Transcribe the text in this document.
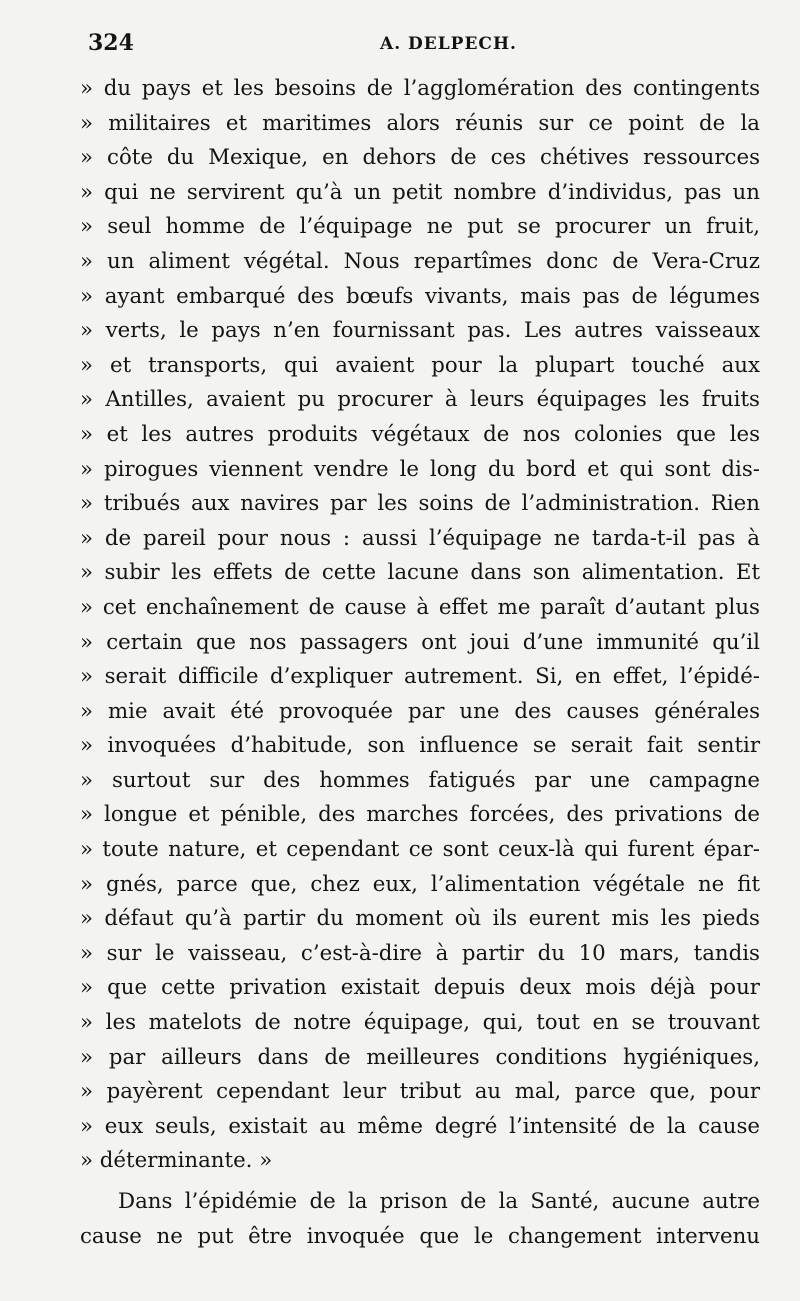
324	A. DELPECH.
» du pays et les besoins de l’agglomération des contingents
» militaires et maritimes alors réunis sur ce point de la
» côte du Mexique, en dehors de ces chétives ressources
» qui ne servirent qu’à un petit nombre d’individus, pas un
» seul homme de l’équipage ne put se procurer un fruit,
» un aliment végétal. Nous repartîmes donc de Vera-Cruz
» ayant embarqué des bœufs vivants, mais pas de légumes
» verts, le pays n’en fournissant pas. Les autres vaisseaux
» et transports, qui avaient pour la plupart touché aux
» Antilles, avaient pu procurer à leurs équipages les fruits
» et les autres produits végétaux de nos colonies que les
» pirogues viennent vendre le long du bord et qui sont dis-
» tribués aux navires par les soins de l’administration. Rien
» de pareil pour nous : aussi l’équipage ne tarda-t-il pas à
» subir les effets de cette lacune dans son alimentation. Et
» cet enchaînement de cause à effet me paraît d’autant plus
» certain que nos passagers ont joui d’une immunité qu’il
» serait difficile d’expliquer autrement. Si, en effet, l’épidé-
» mie avait été provoquée par une des causes générales
» invoquées d’habitude, son influence se serait fait sentir
» surtout sur des hommes fatigués par une campagne
» longue et pénible, des marches forcées, des privations de
» toute nature, et cependant ce sont ceux-là qui furent épar-
» gnés, parce que, chez eux, l’alimentation végétale ne fit
» défaut qu’à partir du moment où ils eurent mis les pieds
» sur le vaisseau, c’est-à-dire à partir du 10 mars, tandis
» que cette privation existait depuis deux mois déjà pour
» les matelots de notre équipage, qui, tout en se trouvant
» par ailleurs dans de meilleures conditions hygiéniques,
» payèrent cependant leur tribut au mal, parce que, pour
» eux seuls, existait au même degré l’intensité de la cause
» déterminante. »
Dans l’épidémie de la prison de la Santé, aucune autre
cause ne put être invoquée que le changement intervenu
